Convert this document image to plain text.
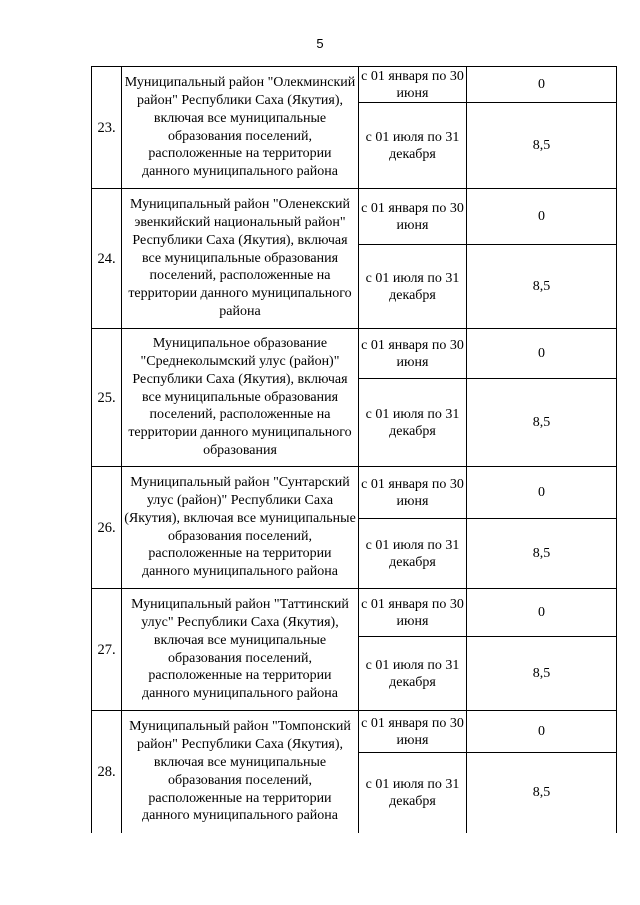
5
23.	Муниципальный район "Олекминский район" Республики Саха (Якутия), включая все муниципальные образования поселений, расположенные на территории данного муниципального района	с 01 января по 30 июня	0
		с 01 июля по 31 декабря	8,5
24.	Муниципальный район "Оленекский эвенкийский национальный район" Республики Саха (Якутия), включая все муниципальные образования поселений, расположенные на территории данного муниципального района	с 01 января по 30 июня	0
		с 01 июля по 31 декабря	8,5
25.	Муниципальное образование "Среднеколымский улус (район)" Республики Саха (Якутия), включая все муниципальные образования поселений, расположенные на территории данного муниципального образования	с 01 января по 30 июня	0
		с 01 июля по 31 декабря	8,5
26.	Муниципальный район "Сунтарский улус (район)" Республики Саха (Якутия), включая все муниципальные образования поселений, расположенные на территории данного муниципального района	с 01 января по 30 июня	0
		с 01 июля по 31 декабря	8,5
27.	Муниципальный район "Таттинский улус" Республики Саха (Якутия), включая все муниципальные образования поселений, расположенные на территории данного муниципального района	с 01 января по 30 июня	0
		с 01 июля по 31 декабря	8,5
28.	Муниципальный район "Томпонский район" Республики Саха (Якутия), включая все муниципальные образования поселений, расположенные на территории данного муниципального района	с 01 января по 30 июня	0
		с 01 июля по 31 декабря	8,5
